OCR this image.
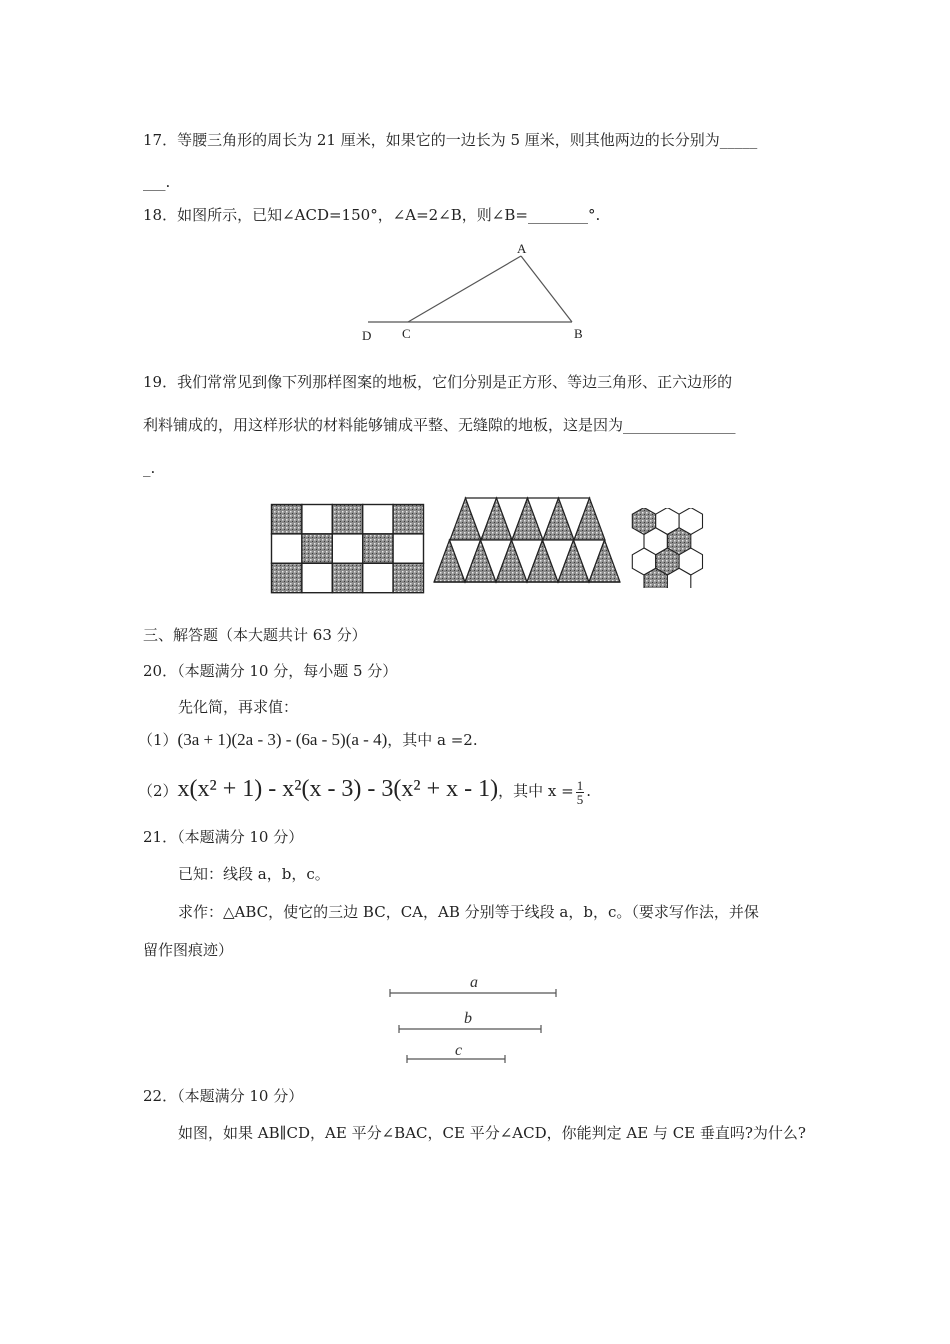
17．等腰三角形的周长为 21 厘米，如果它的一边长为 5 厘米，则其他两边的长分别为_____
___.
18．如图所示，已知∠ACD=150°，∠A=2∠B，则∠B=________°.
A
B
C
D
19．我们常常见到像下列那样图案的地板，它们分别是正方形、等边三角形、正六边形的
利料铺成的，用这样形状的材料能够铺成平整、无缝隙的地板，这是因为_______________
_.
三、解答题（本大题共计 63 分）
20．（本题满分 10 分，每小题 5 分）
先化简，再求值：
（1）(3a + 1)(2a - 3) - (6a - 5)(a - 4)，其中 a =2.
（2）x(x² + 1) - x²(x - 3) - 3(x² + x - 1)，其中 $x = \frac{1}{5}$ .
21．（本题满分 10 分）
已知：线段 a，b，c。
求作：△ABC，使它的三边 BC，CA，AB 分别等于线段 a，b，c。（要求写作法，并保
留作图痕迹）
a
b
c
22．（本题满分 10 分）
如图，如果 AB∥CD，AE 平分∠BAC，CE 平分∠ACD，你能判定 AE 与 CE 垂直吗?为什么?
